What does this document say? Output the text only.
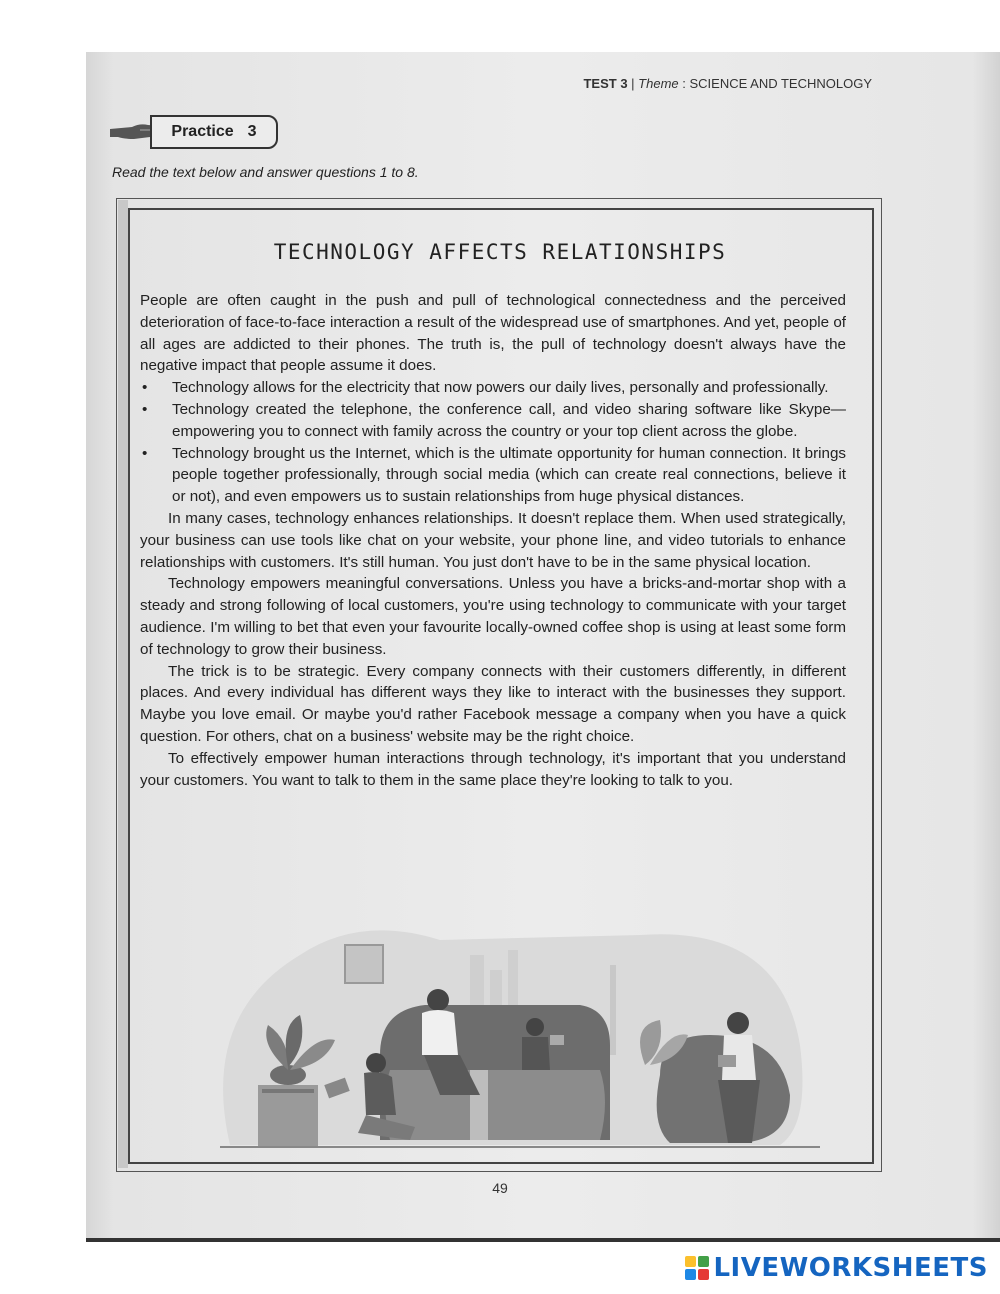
TEST 3 | Theme : SCIENCE AND TECHNOLOGY
Practice 3
Read the text below and answer questions 1 to 8.
TECHNOLOGY AFFECTS RELATIONSHIPS

People are often caught in the push and pull of technological connectedness and the perceived deterioration of face-to-face interaction a result of the widespread use of smartphones. And yet, people of all ages are addicted to their phones. The truth is, the pull of technology doesn't always have the negative impact that people assume it does.

• Technology allows for the electricity that now powers our daily lives, personally and professionally.
• Technology created the telephone, the conference call, and video sharing software like Skype—empowering you to connect with family across the country or your top client across the globe.
• Technology brought us the Internet, which is the ultimate opportunity for human connection. It brings people together professionally, through social media (which can create real connections, believe it or not), and even empowers us to sustain relationships from huge physical distances.

In many cases, technology enhances relationships. It doesn't replace them. When used strategically, your business can use tools like chat on your website, your phone line, and video tutorials to enhance relationships with customers. It's still human. You just don't have to be in the same physical location.

Technology empowers meaningful conversations. Unless you have a bricks-and-mortar shop with a steady and strong following of local customers, you're using technology to communicate with your target audience. I'm willing to bet that even your favourite locally-owned coffee shop is using at least some form of technology to grow their business.

The trick is to be strategic. Every company connects with their customers differently, in different places. And every individual has different ways they like to interact with the businesses they support. Maybe you love email. Or maybe you'd rather Facebook message a company when you have a quick question. For others, chat on a business' website may be the right choice.

To effectively empower human interactions through technology, it's important that you understand your customers. You want to talk to them in the same place they're looking to talk to you.

49
LIVEWORKSHEETS
